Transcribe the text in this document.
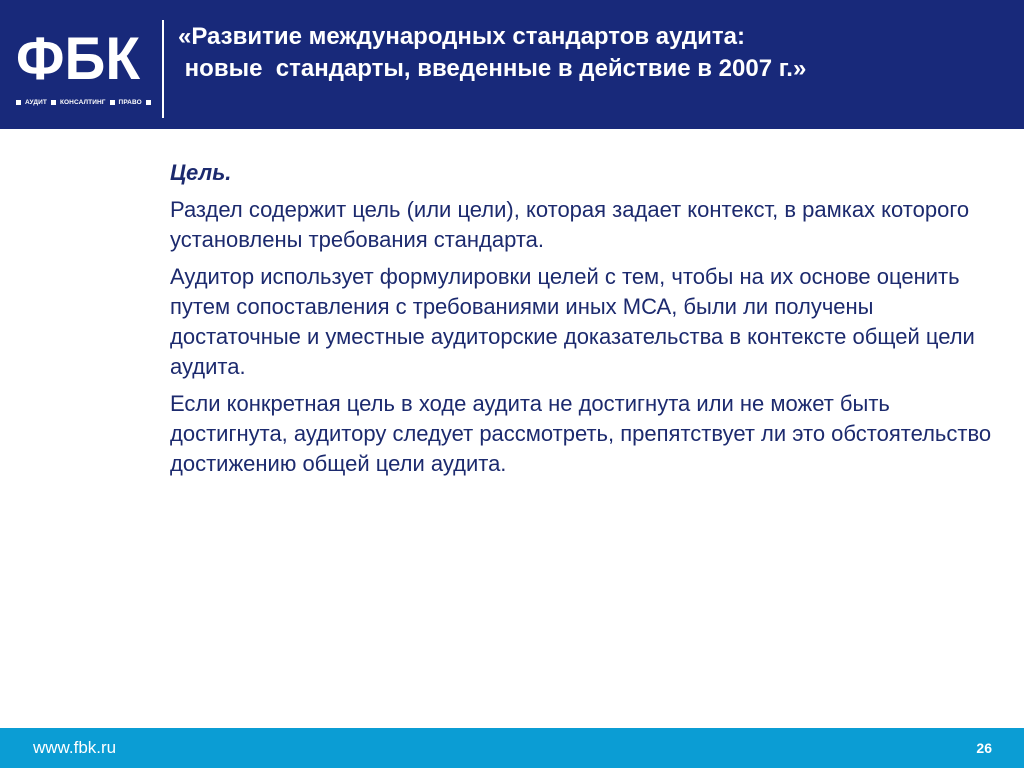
ФБК
АУДИТ КОНСАЛТИНГ ПРАВО
«Развитие международных стандартов аудита:
новые  стандарты, введенные в действие в 2007 г.»

Цель.

Раздел содержит цель (или цели), которая задает контекст, в рамках которого установлены требования стандарта.

Аудитор использует формулировки целей с тем, чтобы на их основе оценить путем сопоставления с требованиями иных МСА, были ли получены достаточные и уместные аудиторские доказательства в контексте общей цели аудита.

Если конкретная цель в ходе аудита не достигнута или не может быть достигнута, аудитору следует рассмотреть, препятствует ли это обстоятельство достижению общей цели аудита.

www.fbk.ru	26
